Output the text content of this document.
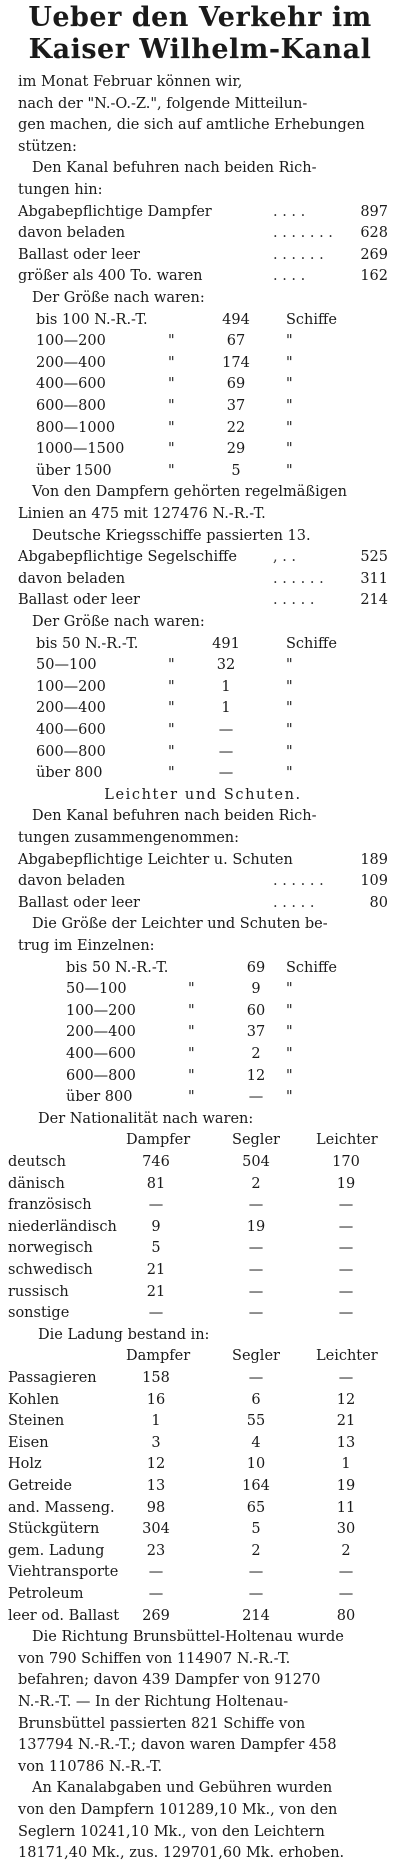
Ueber den Verkehr im
Kaiser Wilhelm-Kanal
im Monat Februar können wir,
nach der "N.-O.-Z.", folgende Mitteilun-
gen machen, die sich auf amtliche Erhebungen
stützen:
Den Kanal befuhren nach beiden Rich-
tungen hin:
Abgabepflichtige Dampfer	. . . .	897
davon beladen	. . . . . . . 628
Ballast oder leer	. . . . . .	269
größer als 400 To. waren	. . . .	162
Der Größe nach waren:
bis 100 N.-R.-T.	494	Schiffe
100—200	"	67	"
200—400	"	174	"
400—600	"	69	"
600—800	"	37	"
800—1000	"	22	"
1000—1500	"	29	"
über 1500	"	5	"
Von den Dampfern gehörten regelmäßigen
Linien an 475 mit 127476 N.-R.-T.
Deutsche Kriegsschiffe passierten 13.
Abgabepflichtige Segelschiffe , . .	525
davon beladen	. . . . . .	311
Ballast oder leer	. . . . .	214
Der Größe nach waren:
bis 50 N.-R.-T.	491	Schiffe
50—100	"	32	"
100—200	"	1	"
200—400	"	1	"
400—600	"	—	"
600—800	"	—	"
über 800	"	—	"
Leichter und Schuten.
Den Kanal befuhren nach beiden Rich-
tungen zusammengenommen:
Abgabepflichtige Leichter u. Schuten	189
davon beladen	. . . . . .	109
Ballast oder leer	. . . . .	80
Die Größe der Leichter und Schuten be-
trug im Einzelnen:
bis 50 N.-R.-T.	69	Schiffe
50—100	"	9	"
100—200	"	60	"
200—400	"	37	"
400—600	"	2	"
600—800	"	12	"
über 800	"	—	"
Der Nationalität nach waren:
Dampfer	Segler	Leichter
deutsch	746	504	170
dänisch	81	2	19
französisch	—	—	—
niederländisch	9	19	—
norwegisch	5	—	—
schwedisch	21	—	—
russisch	21	—	—
sonstige	—	—	—
Die Ladung bestand in:
Dampfer	Segler	Leichter
Passagieren	158	—	—
Kohlen	16	6	12
Steinen	1	55	21
Eisen	3	4	13
Holz	12	10	1
Getreide	13	164	19
and. Masseng.	98	65	11
Stückgütern	304	5	30
gem. Ladung	23	2	2
Viehtransporte	—	—	—
Petroleum	—	—	—
leer od. Ballast	269	214	80
Die Richtung Brunsbüttel-Holtenau wurde
von 790 Schiffen von 114907 N.-R.-T.
befahren; davon 439 Dampfer von 91270
N.-R.-T. — In der Richtung Holtenau-
Brunsbüttel passierten 821 Schiffe von
137794 N.-R.-T.; davon waren Dampfer 458
von 110786 N.-R.-T.
An Kanalabgaben und Gebühren wurden
von den Dampfern 101289,10 Mk., von den
Seglern 10241,10 Mk., von den Leichtern
18171,40 Mk., zus. 129701,60 Mk. erhoben.
